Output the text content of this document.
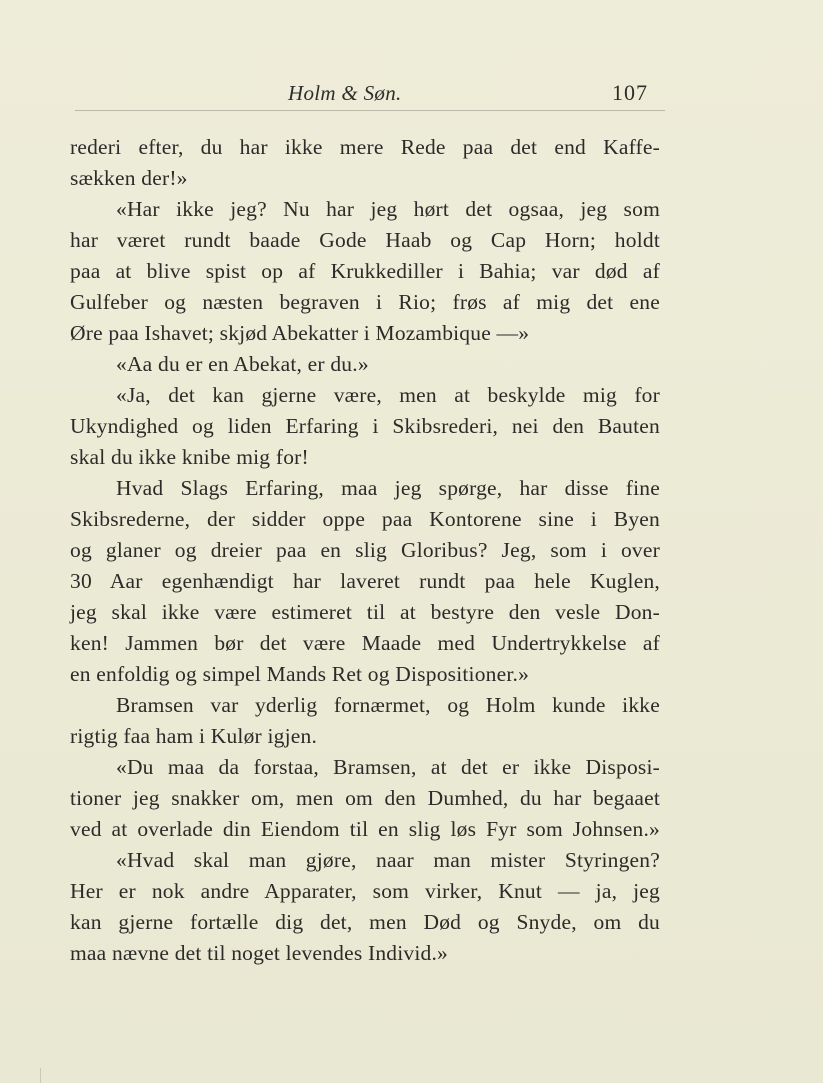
Holm & Søn.	107
rederi efter, du har ikke mere Rede paa det end Kaffe-
sækken der!»
«Har ikke jeg? Nu har jeg hørt det ogsaa, jeg som
har været rundt baade Gode Haab og Cap Horn; holdt
paa at blive spist op af Krukkediller i Bahia; var død af
Gulfeber og næsten begraven i Rio; frøs af mig det ene
Øre paa Ishavet; skjød Abekatter i Mozambique —»
«Aa du er en Abekat, er du.»
«Ja, det kan gjerne være, men at beskylde mig for
Ukyndighed og liden Erfaring i Skibsrederi, nei den Bauten
skal du ikke knibe mig for!
Hvad Slags Erfaring, maa jeg spørge, har disse fine
Skibsrederne, der sidder oppe paa Kontorene sine i Byen
og glaner og dreier paa en slig Gloribus? Jeg, som i over
30 Aar egenhændigt har laveret rundt paa hele Kuglen,
jeg skal ikke være estimeret til at bestyre den vesle Don-
ken! Jammen bør det være Maade med Undertrykkelse af
en enfoldig og simpel Mands Ret og Dispositioner.»
Bramsen var yderlig fornærmet, og Holm kunde ikke
rigtig faa ham i Kulør igjen.
«Du maa da forstaa, Bramsen, at det er ikke Disposi-
tioner jeg snakker om, men om den Dumhed, du har begaaet
ved at overlade din Eiendom til en slig løs Fyr som Johnsen.»
«Hvad skal man gjøre, naar man mister Styringen?
Her er nok andre Apparater, som virker, Knut — ja, jeg
kan gjerne fortælle dig det, men Død og Snyde, om du
maa nævne det til noget levendes Individ.»
